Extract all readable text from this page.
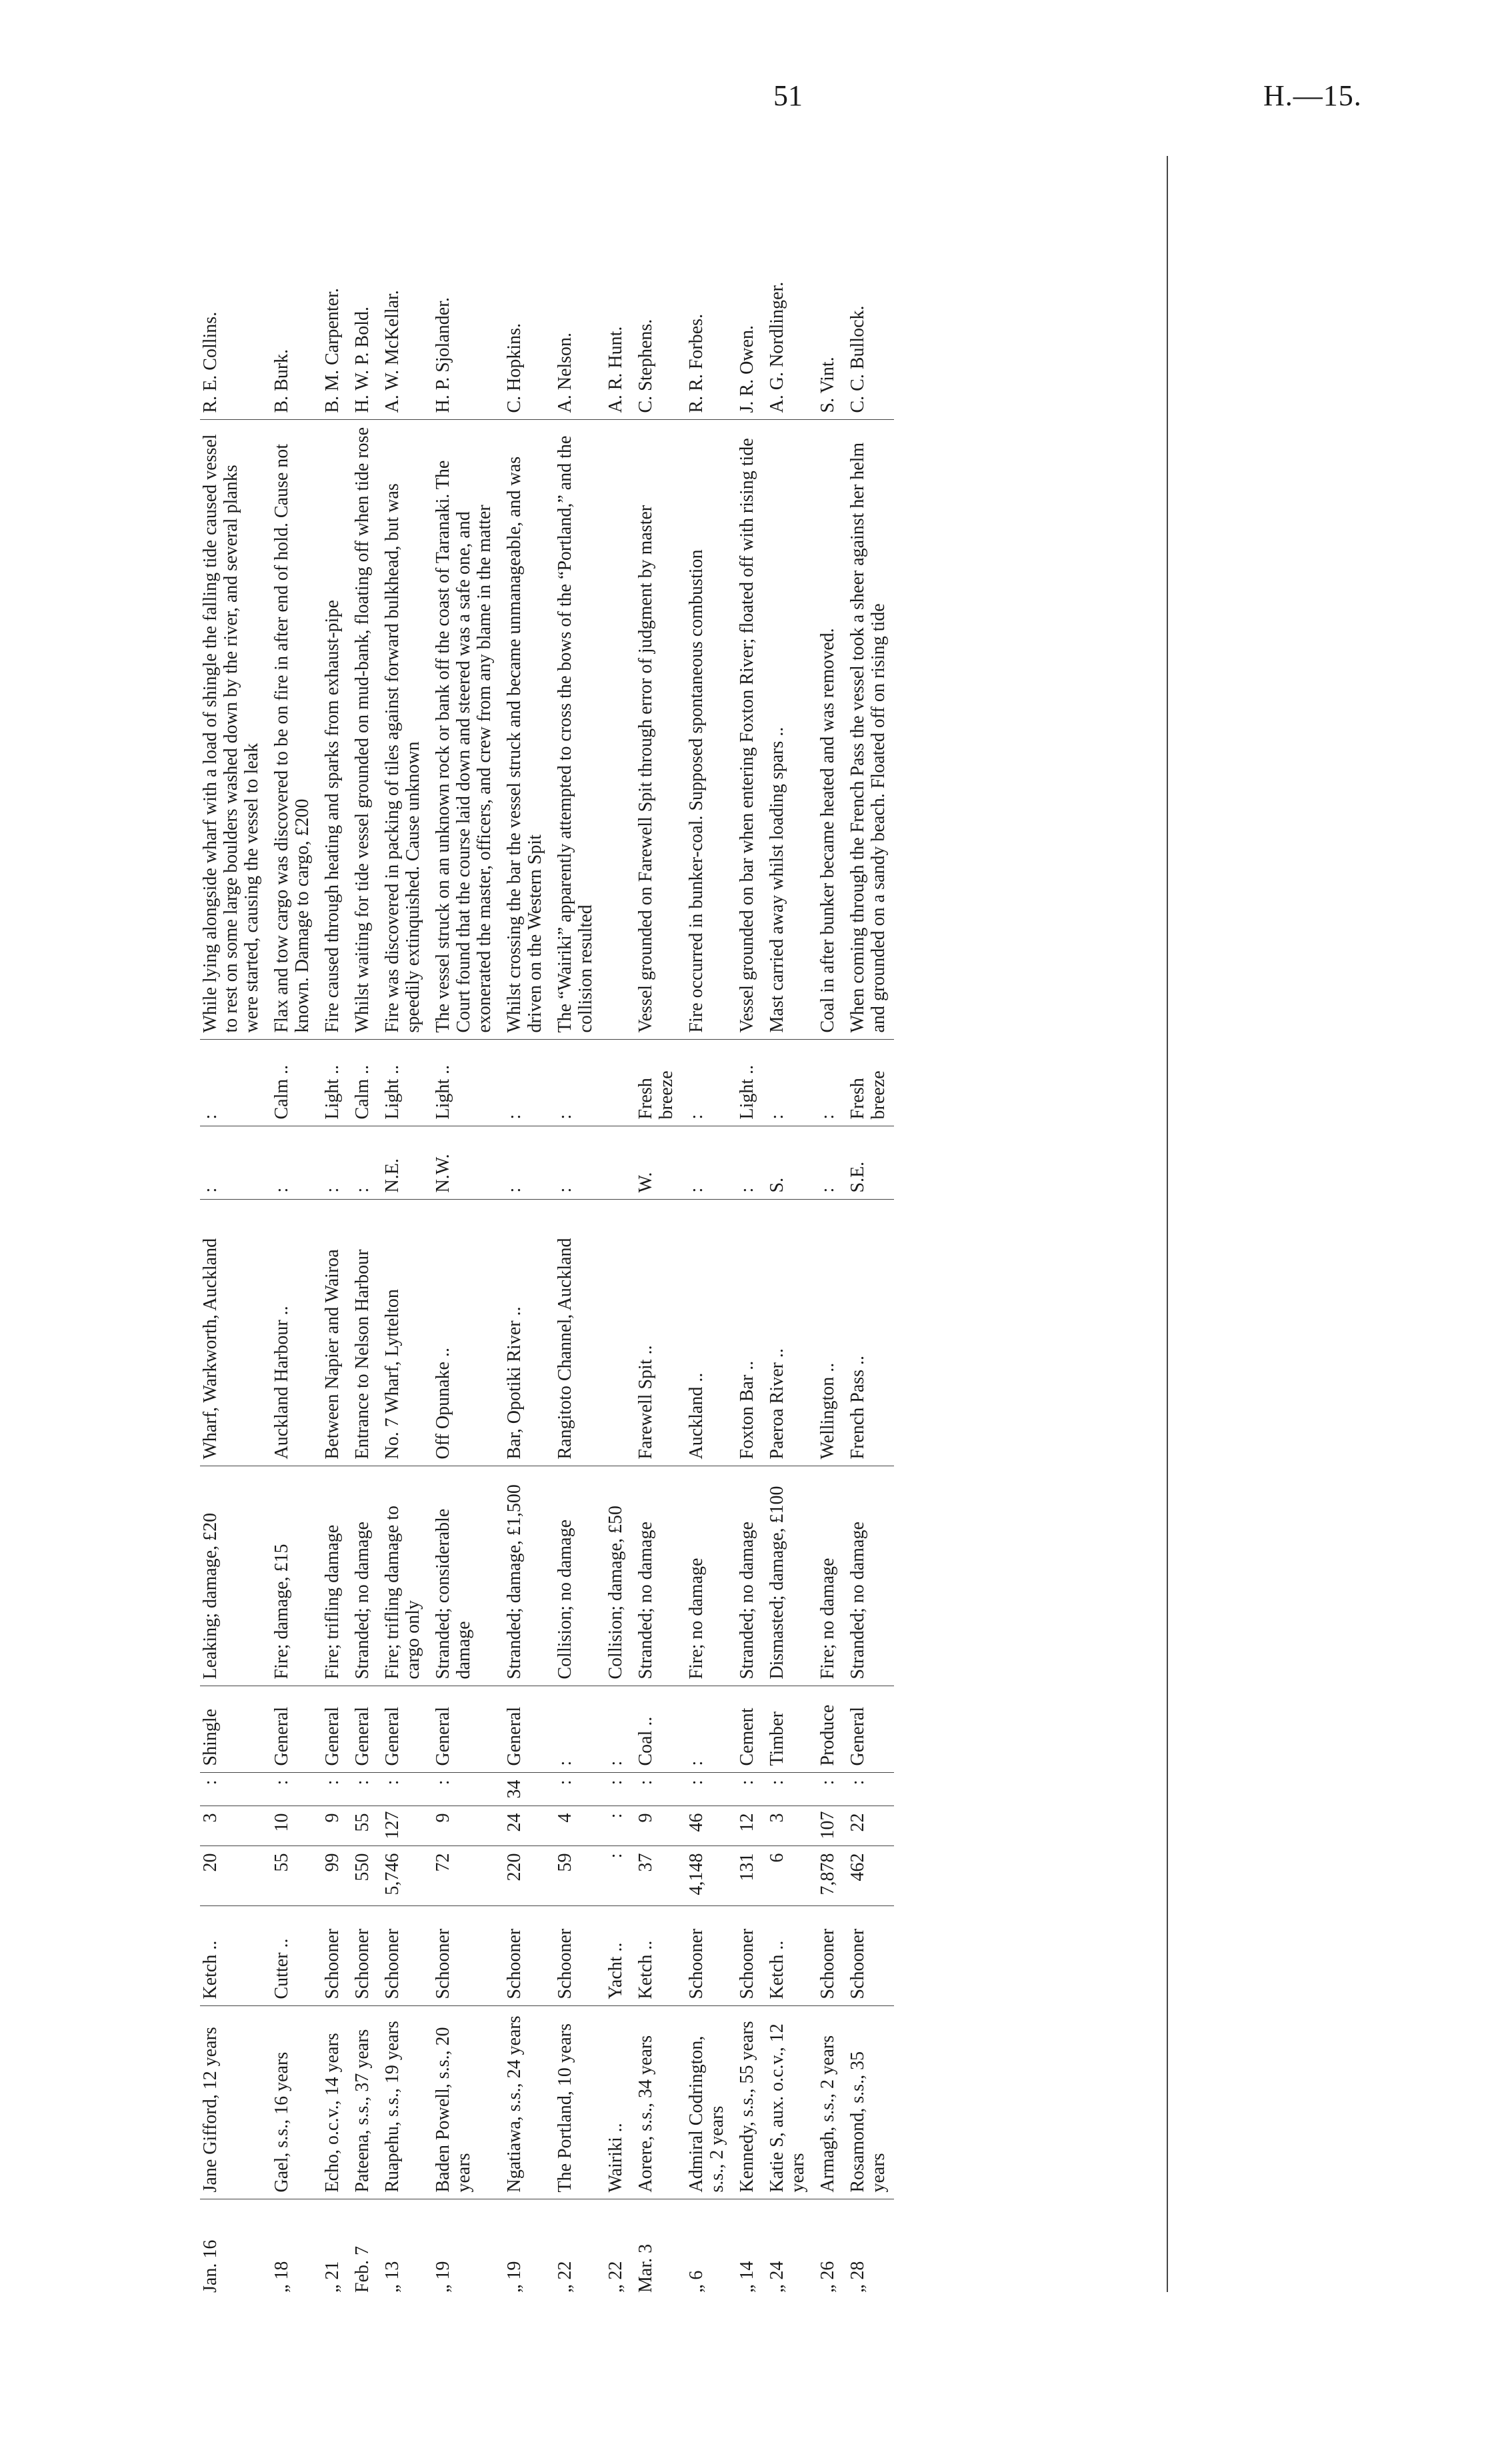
51	H.—15.
Jan. 16	Jane Gifford, 12 years	Ketch ..	20	3	:	Shingle	Leaking; damage, £20	Wharf, Warkworth, Auckland	:	:	While lying alongside wharf with a load of shingle the falling tide caused vessel to rest on some large boulders washed down by the river, and several planks were started, causing the vessel to leak	R. E. Collins.
„ 18	Gael, s.s., 16 years	Cutter ..	55	10	:	General	Fire; damage, £15	Auckland Harbour ..	:	Calm ..	Flax and tow cargo was discovered to be on fire in after end of hold. Cause not known. Damage to cargo, £200	B. Burk.
„ 21	Echo, o.c.v., 14 years	Schooner	99	9	:	General	Fire; trifling damage	Between Napier and Wairoa	:	Light ..	Fire caused through heating and sparks from exhaust-pipe	B. M. Carpenter.
Feb. 7	Pateena, s.s., 37 years	Schooner	550	55	:	General	Stranded; no damage	Entrance to Nelson Harbour	:	Calm ..	Whilst waiting for tide vessel grounded on mud-bank, floating off when tide rose	H. W. P. Bold.
„ 13	Ruapehu, s.s., 19 years	Schooner	5,746	127	:	General	Fire; trifling damage to cargo only	No. 7 Wharf, Lyttelton	N.E.	Light ..	Fire was discovered in packing of tiles against forward bulkhead, but was speedily extinquished. Cause unknown	A. W. McKellar.
„ 19	Baden Powell, s.s., 20 years	Schooner	72	9	:	General	Stranded; considerable damage	Off Opunake ..	N.W.	Light ..	The vessel struck on an unknown rock or bank off the coast of Taranaki. The Court found that the course laid down and steered was a safe one, and exonerated the master, officers, and crew from any blame in the matter	H. P. Sjolander.
„ 19	Ngatiawa, s.s., 24 years	Schooner	220	24	34	General	Stranded; damage, £1,500	Bar, Opotiki River ..	:	:	Whilst crossing the bar the vessel struck and became unmanageable, and was driven on the Western Spit	C. Hopkins.
„ 22	The Portland, 10 years	Schooner	59	4	:	:	Collision; no damage	Rangitoto Channel, Auckland	:	:	The “Wairiki” apparently attempted to cross the bows of the “Portland,” and the collision resulted	A. Nelson.
„ 22	Wairiki ..	Yacht ..	:	:	:	:	Collision; damage, £50					A. R. Hunt.
Mar. 3	Aorere, s.s., 34 years	Ketch ..	37	9	:	Coal ..	Stranded; no damage	Farewell Spit ..	W.	Fresh breeze	Vessel grounded on Farewell Spit through error of judgment by master	C. Stephens.
„ 6	Admiral Codrington, s.s., 2 years	Schooner	4,148	46	:	:	Fire; no damage	Auckland ..	:	:	Fire occurred in bunker-coal. Supposed spontaneous combustion	R. R. Forbes.
„ 14	Kennedy, s.s., 55 years	Schooner	131	12	:	Cement	Stranded; no damage	Foxton Bar ..	:	Light ..	Vessel grounded on bar when entering Foxton River; floated off with rising tide	J. R. Owen.
„ 24	Katie S, aux. o.c.v., 12 years	Ketch ..	6	3	:	Timber	Dismasted; damage, £100	Paeroa River ..	S.	:	Mast carried away whilst loading spars ..	A. G. Nordlinger.
„ 26	Armagh, s.s., 2 years	Schooner	7,878	107	:	Produce	Fire; no damage	Wellington ..	:	:	Coal in after bunker became heated and was removed.	S. Vint.
„ 28	Rosamond, s.s., 35 years	Schooner	462	22	:	General	Stranded; no damage	French Pass ..	S.E.	Fresh breeze	When coming through the French Pass the vessel took a sheer against her helm and grounded on a sandy beach. Floated off on rising tide	C. C. Bullock.
